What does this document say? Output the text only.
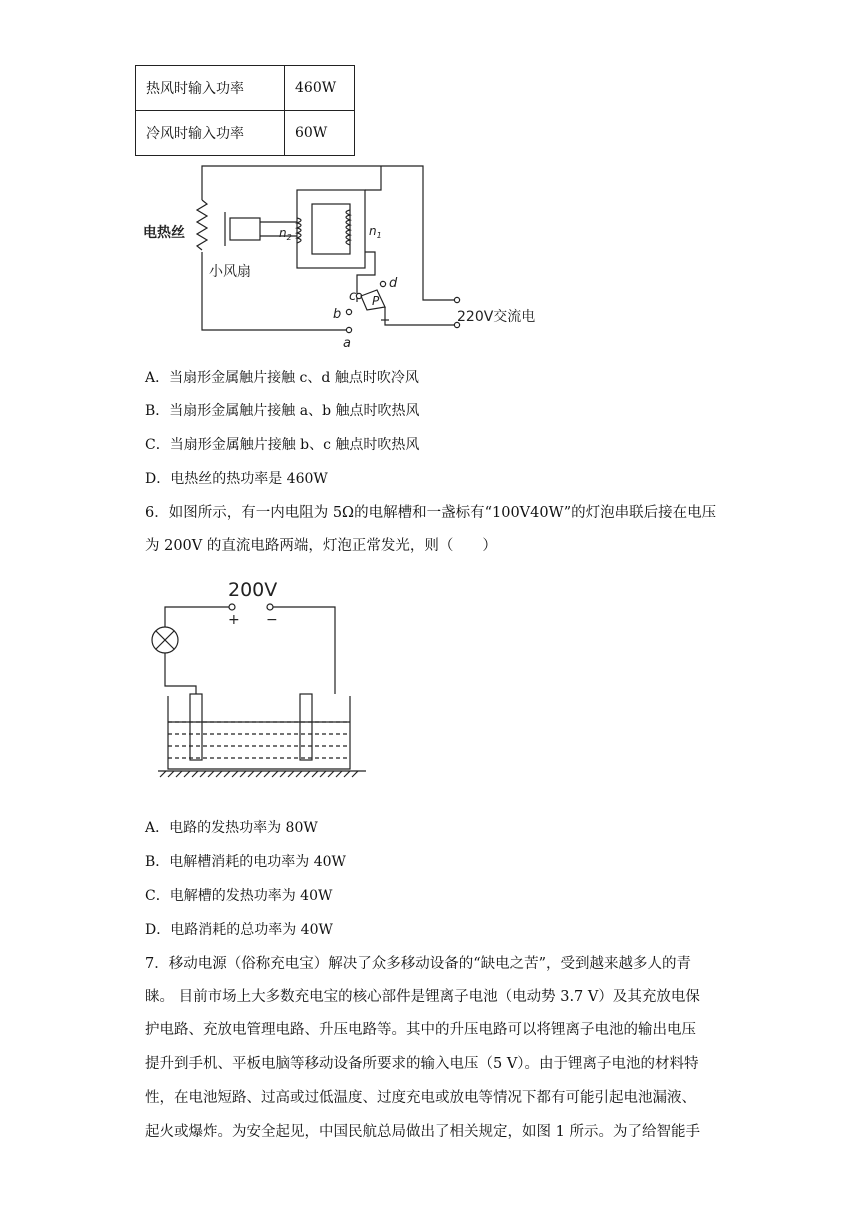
热风时输入功率	460W
冷风时输入功率	60W
电热丝
小风扇
$n_2$	$n_1$
a
b
c
d
P
220V交流电
A．当扇形金属触片接触 c、d 触点时吹冷风
B．当扇形金属触片接触 a、b 触点时吹热风
C．当扇形金属触片接触 b、c 触点时吹热风
D．电热丝的热功率是 460W
6．如图所示，有一内电阻为 5Ω的电解槽和一盏标有“100V40W”的灯泡串联后接在电压
为 200V 的直流电路两端，灯泡正常发光，则（　　）
200V
+ −
A．电路的发热功率为 80W
B．电解槽消耗的电功率为 40W
C．电解槽的发热功率为 40W
D．电路消耗的总功率为 40W
7．移动电源（俗称充电宝）解决了众多移动设备的“缺电之苦”，受到越来越多人的青
睐。 目前市场上大多数充电宝的核心部件是锂离子电池（电动势 3.7 V）及其充放电保
护电路、充放电管理电路、升压电路等。其中的升压电路可以将锂离子电池的输出电压
提升到手机、平板电脑等移动设备所要求的输入电压（5 V）。由于锂离子电池的材料特
性，在电池短路、过高或过低温度、过度充电或放电等情况下都有可能引起电池漏液、
起火或爆炸。为安全起见，中国民航总局做出了相关规定，如图 1 所示。为了给智能手
